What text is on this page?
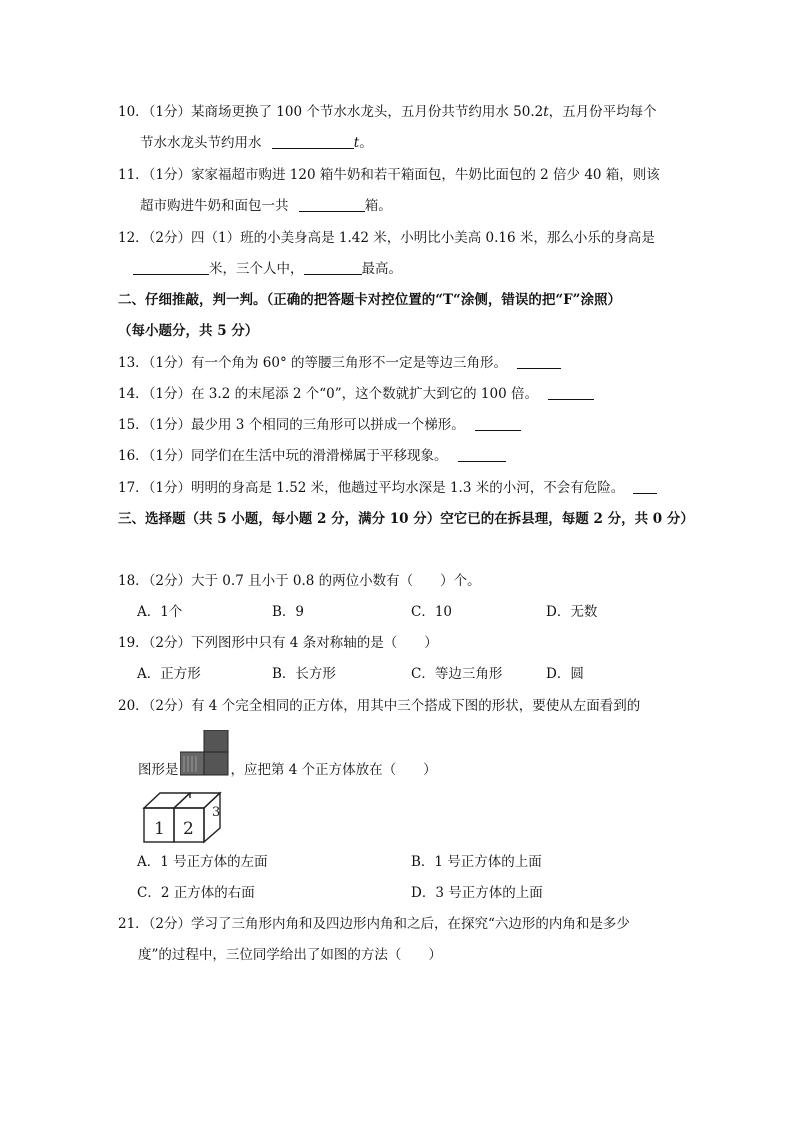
10．（1分）某商场更换了 100 个节水水龙头，五月份共节约用水 50.2t，五月份平均每个
节水水龙头节约用水	t。
11．（1分）家家福超市购进 120 箱牛奶和若干箱面包，牛奶比面包的 2 倍少 40 箱，则该
超市购进牛奶和面包一共	箱。
12．（2分）四（1）班的小美身高是 1.42 米，小明比小美高 0.16 米，那么小乐的身高是
米，三个人中，	最高。
二、仔细推敲，判一判。（正确的把答题卡对控位置的“T“涂侧，错误的把“F”涂照）
（每小题分，共 5 分）
13．（1分）有一个角为 60° 的等腰三角形不一定是等边三角形。
14．（1分）在 3.2 的末尾添 2 个“0”，这个数就扩大到它的 100 倍。
15．（1分）最少用 3 个相同的三角形可以拼成一个梯形。
16．（1分）同学们在生活中玩的滑滑梯属于平移现象。
17．（1分）明明的身高是 1.52 米，他趟过平均水深是 1.3 米的小河，不会有危险。
三、选择题（共 5 小题，每小题 2 分，满分 10 分）空它已的在拆县理，每题 2 分，共 0 分）
18．（2分）大于 0.7 且小于 0.8 的两位小数有（　　）个。
A．1个	B．9	C．10	D．无数
19．（2分）下列图形中只有 4 条对称轴的是（　　）
A．正方形	B．长方形	C．等边三角形	D．圆
20．（2分）有 4 个完全相同的正方体，用其中三个搭成下图的形状，要使从左面看到的
图形是	，应把第 4 个正方体放在（　　）
1 2
3
A．1 号正方体的左面	B．1 号正方体的上面
C．2 正方体的右面	D．3 号正方体的上面
21．（2分）学习了三角形内角和及四边形内角和之后，在探究“六边形的内角和是多少
度”的过程中，三位同学给出了如图的方法（　　）
